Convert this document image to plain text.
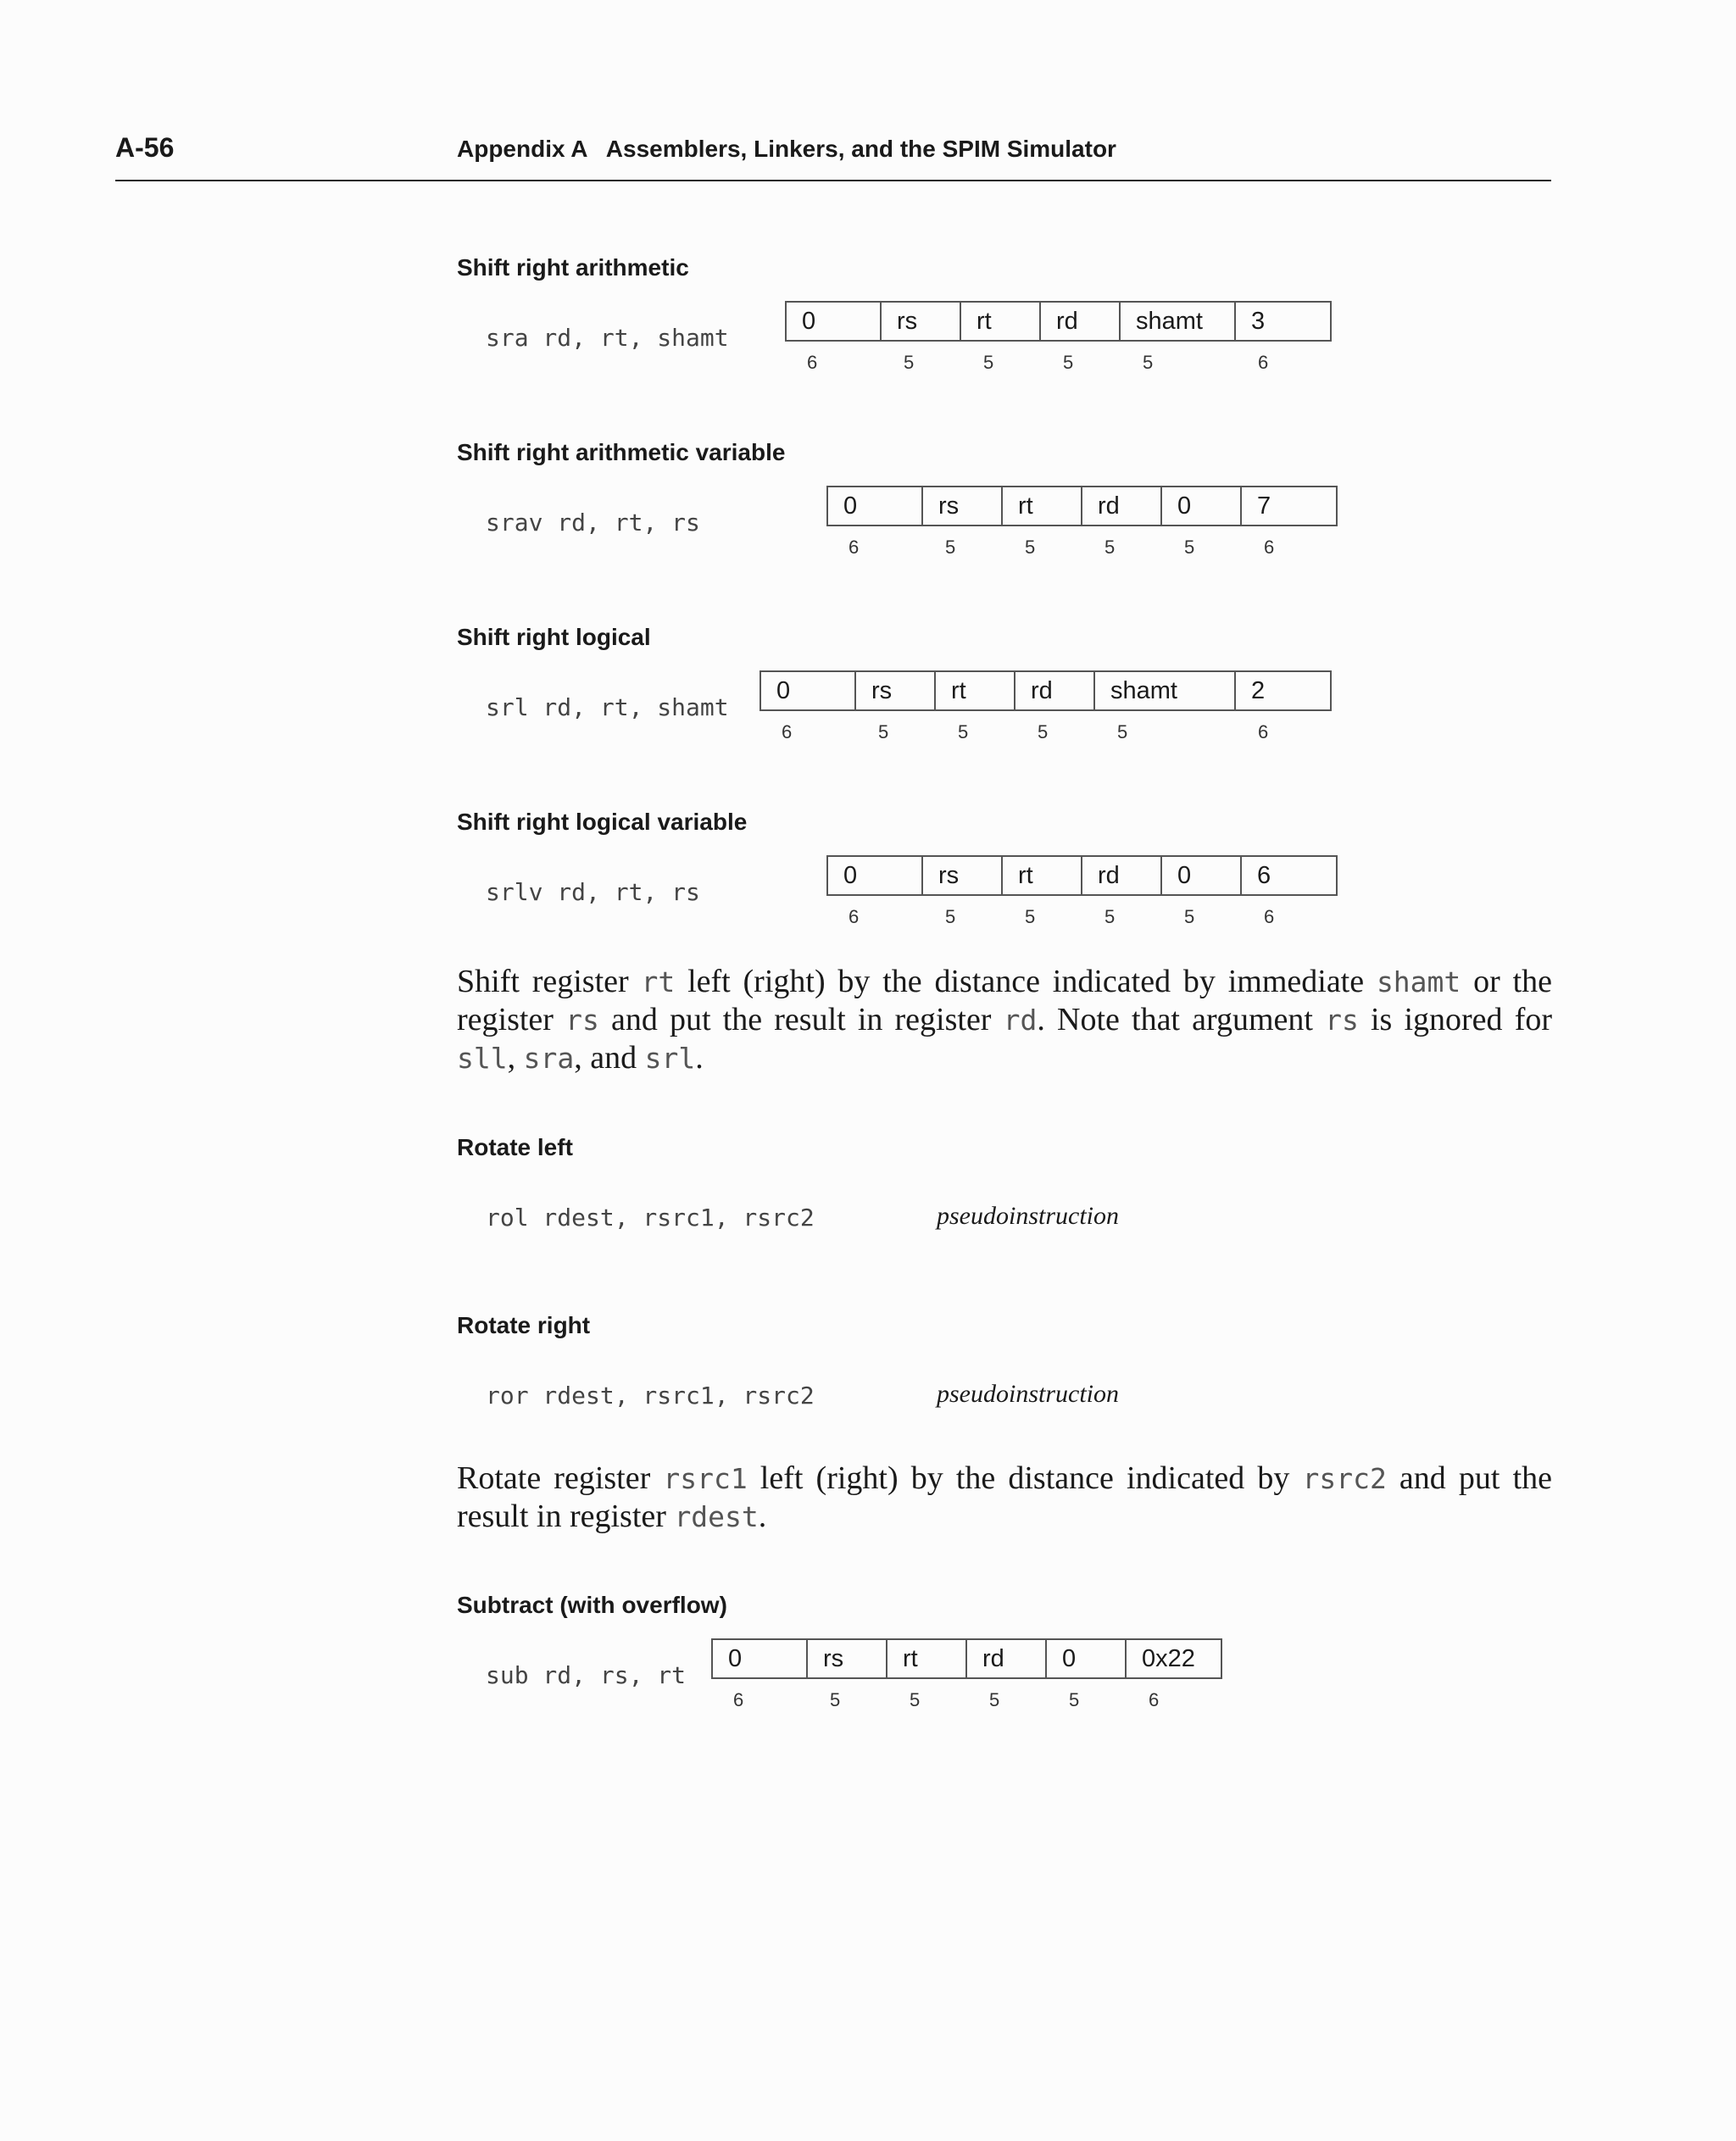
A-56	Appendix A   Assemblers, Linkers, and the SPIM Simulator
Shift right arithmetic
sra rd, rt, shamt
0	rs	rt	rd	shamt	3
6	5	5	5	5	6
Shift right arithmetic variable
srav rd, rt, rs
0	rs	rt	rd	0	7
6	5	5	5	5	6
Shift right logical
srl rd, rt, shamt
0	rs	rt	rd	shamt	2
6	5	5	5	5	6
Shift right logical variable
srlv rd, rt, rs
0	rs	rt	rd	0	6
6	5	5	5	5	6
Shift register rt left (right) by the distance indicated by immediate shamt or the register rs and put the result in register rd. Note that argument rs is ignored for sll, sra, and srl.
Rotate left
rol rdest, rsrc1, rsrc2	pseudoinstruction
Rotate right
ror rdest, rsrc1, rsrc2	pseudoinstruction
Rotate register rsrc1 left (right) by the distance indicated by rsrc2 and put the result in register rdest.
Subtract (with overflow)
sub rd, rs, rt
0	rs	rt	rd	0	0x22
6	5	5	5	5	6
